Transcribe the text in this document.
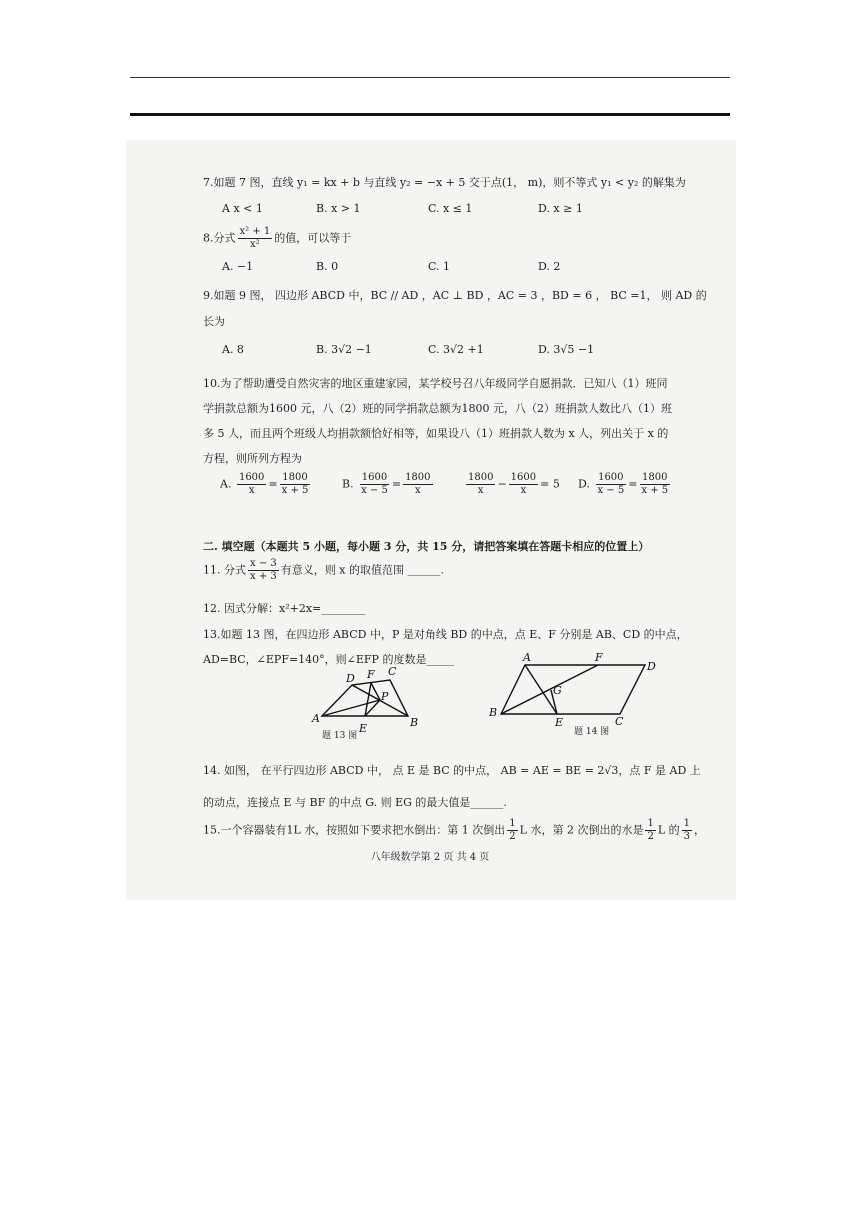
7.如题 7 图，直线 y₁ = kx + b 与直线 y₂ = −x + 5 交于点(1， m)，则不等式 y₁ < y₂ 的解集为
A x < 1	B. x > 1	C. x ≤ 1	D. x ≥ 1
8.分式 $\frac{\text{x² + 1}}{\text{x²}}$ 的值，可以等于
A. −1	B. 0	C. 1	D. 2
9.如题 9 图， 四边形 ABCD 中，BC // AD ，AC ⊥ BD ，AC = 3 ，BD = 6 ， BC =1， 则 AD 的
长为
A. 8	B. 3√2 −1	C. 3√2 +1	D. 3√5 −1
10.为了帮助遭受自然灾害的地区重建家园，某学校号召八年级同学自愿捐款．已知八（1）班同
学捐款总额为1600 元，八（2）班的同学捐款总额为1800 元，八（2）班捐款人数比八（1）班
多 5 人，而且两个班级人均捐款额恰好相等，如果设八（1）班捐款人数为 x 人，列出关于 x 的
方程，则所列方程为
A. $\frac{1600}{x} = \frac{1800}{x + 5}$	B. $\frac{1600}{x - 5} = \frac{1800}{x}$	$\frac{1800}{x} - \frac{1600}{x} = 5$ D. $\frac{1600}{x - 5} = \frac{1800}{x + 5}$
二. 填空题（本题共 5 小题，每小题 3 分，共 15 分，请把答案填在答题卡相应的位置上）
11. 分式 $\frac{x - 3}{x + 3}$ 有意义，则 x 的取值范围 ______.
12. 因式分解：x²+2x=________
13.如题 13 图，在四边形 ABCD 中，P 是对角线 BD 的中点，点 E、F 分别是 AB、CD 的中点，
AD=BC，∠EPF=140°，则∠EFP 的度数是_____
A	B
C
D
E
F
P
题 13 图
A
B
C
D
E
F
G
题 14 图
14. 如图， 在平行四边形 ABCD 中， 点 E 是 BC 的中点， AB = AE = BE = 2√3，点 F 是 AD 上
的动点，连接点 E 与 BF 的中点 G. 则 EG 的最大值是______.
15.一个容器装有1L 水，按照如下要求把水倒出：第 1 次倒出 $\frac{1}{2}$ L 水，第 2 次倒出的水是 $\frac{1}{2}$ L 的 $\frac{1}{3}$ ，
八年级数学第 2 页 共 4 页
